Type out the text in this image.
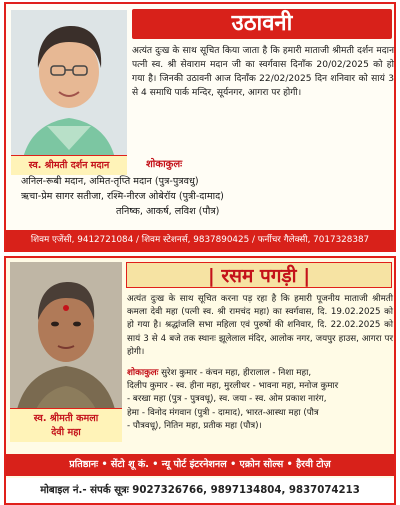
स्व. श्रीमती दर्शन मदान
उठावनी
अत्यंत दुःख के साथ सूचित किया जाता है कि हमारी माताजी श्रीमती दर्शन मदान पत्नी स्व. श्री सेवाराम मदान जी का स्वर्गवास दिनाँक 20/02/2025 को हो गया है। जिनकी उठावनी आज दिनाँक 22/02/2025 दिन शनिवार को सायं 3 से 4 समाधि पार्क मन्दिर, सूर्यनगर, आगरा पर होगी।
शोकाकुलः
अनिल-रूबी मदान, अमित-तृप्ति मदान (पुत्र-पुत्रवधु)
ऋचा-प्रेम सागर सतीजा, रश्मि-नीरज ओबेरॉय (पुत्री-दामाद)
तनिष्क, आकर्ष, लविश (पौत्र)
शिवम एजेंसी, 9412721084 / शिवम स्टेशनर्स, 9837890425 / फर्नीचर गैलेक्सी, 7017328387
स्व. श्रीमती कमला
देवी महा
| रसम पगड़ी |
अत्यंत दुःख के साथ सूचित करना पड़ रहा है कि हमारी पूजनीय माताजी श्रीमती कमला देवी महा (पत्नी स्व. श्री रामचंद महा) का स्वर्गवास, दि. 19.02.2025 को हो गया है। श्रद्धांजलि सभा महिला एवं पुरुषों की शनिवार, दि. 22.02.2025 को सायं 3 से 4 बजे तक स्थानः झूलेलाल मंदिर, आलोक नगर, जयपुर हाउस, आगरा पर होगी।
शोकाकुलः सुरेश कुमार - कंचन महा, हीरालाल - निशा महा,
दिलीप कुमार - स्व. हीना महा, मुरलीधर - भावना महा, मनोज कुमार
- बरखा महा (पुत्र - पुत्रवधू), स्व. जया - स्व. ओम प्रकाश नारंग,
हेमा - विनोद मंगवान (पुत्री - दामाद), भारत-आस्था महा (पौत्र
- पौत्रवधू), नितिन महा, प्रतीक महा (पौत्र)।
प्रतिष्ठानः • सेंटो शू कं. • न्यू पोर्ट इंटरनेशनल • एक्रोन सोल्स • हैरवी टोज़
मोबाइल नं.- संपर्क सूत्रः 9027326766, 9897134804, 9837074213
